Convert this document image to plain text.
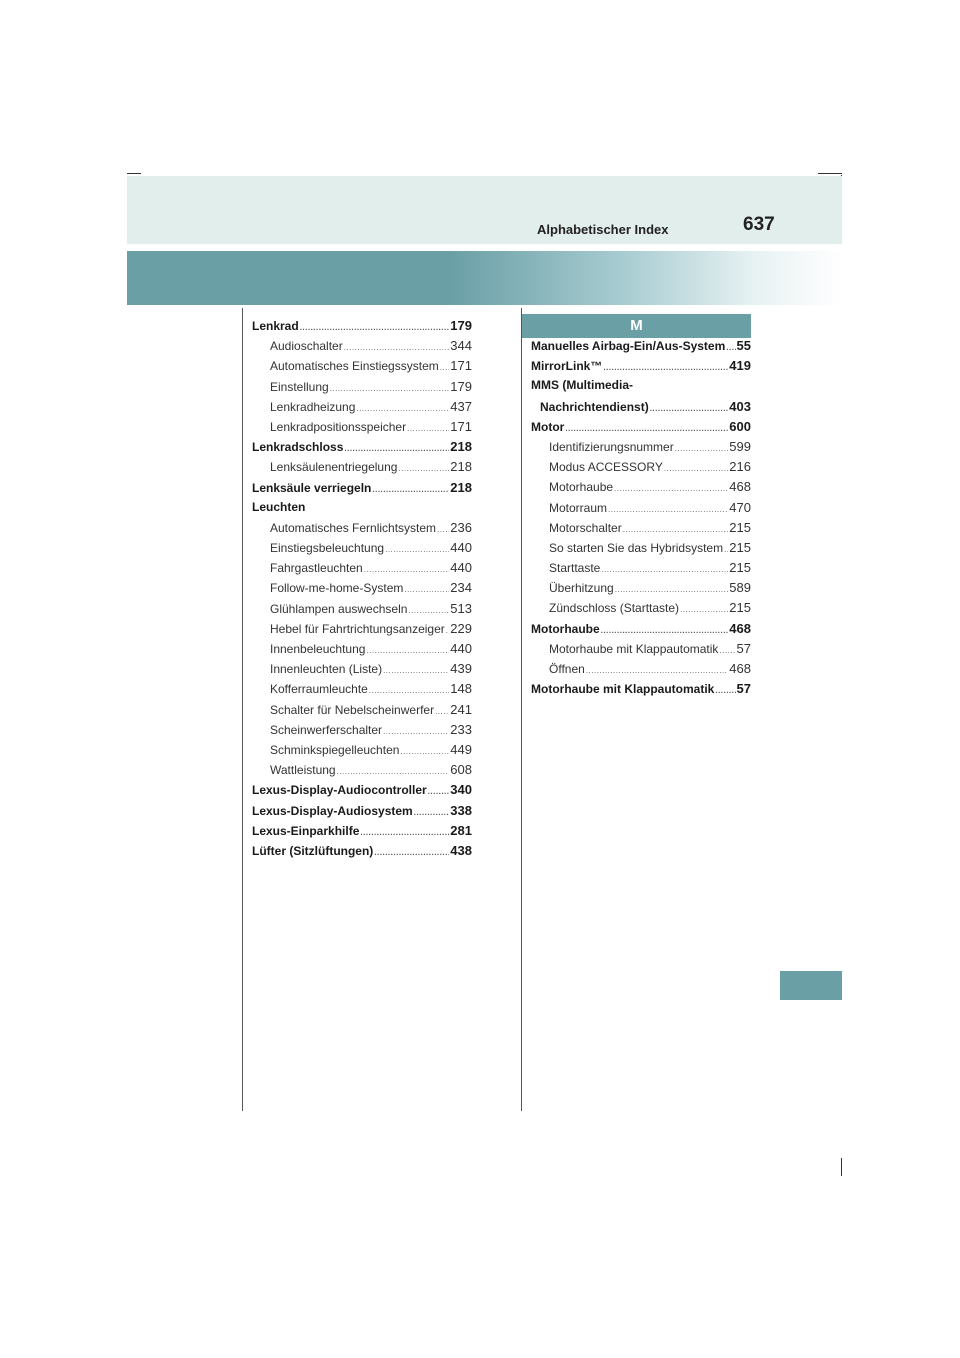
Alphabetischer Index	637
M
Lenkrad .....	179
Audioschalter .....	344
Automatisches Einstiegssystem ..... 171
Einstellung .....	179
Lenkradheizung .....	437
Lenkradpositionsspeicher .....	171
Lenkradschloss .....	218
Lenksäulenentriegelung .....	218
Lenksäule verriegeln .....	218
Leuchten
Automatisches Fernlichtsystem ..... 236
Einstiegsbeleuchtung .....	440
Fahrgastleuchten .....	440
Follow-me-home-System .....	234
Glühlampen auswechseln .....	513
Hebel für Fahrtrichtungsanzeiger ..... 229
Innenbeleuchtung .....	440
Innenleuchten (Liste) .....	439
Kofferraumleuchte .....	148
Schalter für Nebelscheinwerfer ..... 241
Scheinwerferschalter .....	233
Schminkspiegelleuchten .....	449
Wattleistung .....	608
Lexus-Display-Audiocontroller ..... 340
Lexus-Display-Audiosystem .....	338
Lexus-Einparkhilfe .....	281
Lüfter (Sitzlüftungen) .....	438
Manuelles Airbag-Ein/Aus-System ..... 55
MirrorLink™ .....	419
MMS (Multimedia-
Nachrichtendienst) .....	403
Motor .....	600
Identifizierungsnummer .....	599
Modus ACCESSORY .....	216
Motorhaube .....	468
Motorraum .....	470
Motorschalter .....	215
So starten Sie das Hybridsystem ..... 215
Starttaste .....	215
Überhitzung .....	589
Zündschloss (Starttaste) .....	215
Motorhaube .....	468
Motorhaube mit Klappautomatik ..... 57
Öffnen .....	468
Motorhaube mit Klappautomatik ..... 57
